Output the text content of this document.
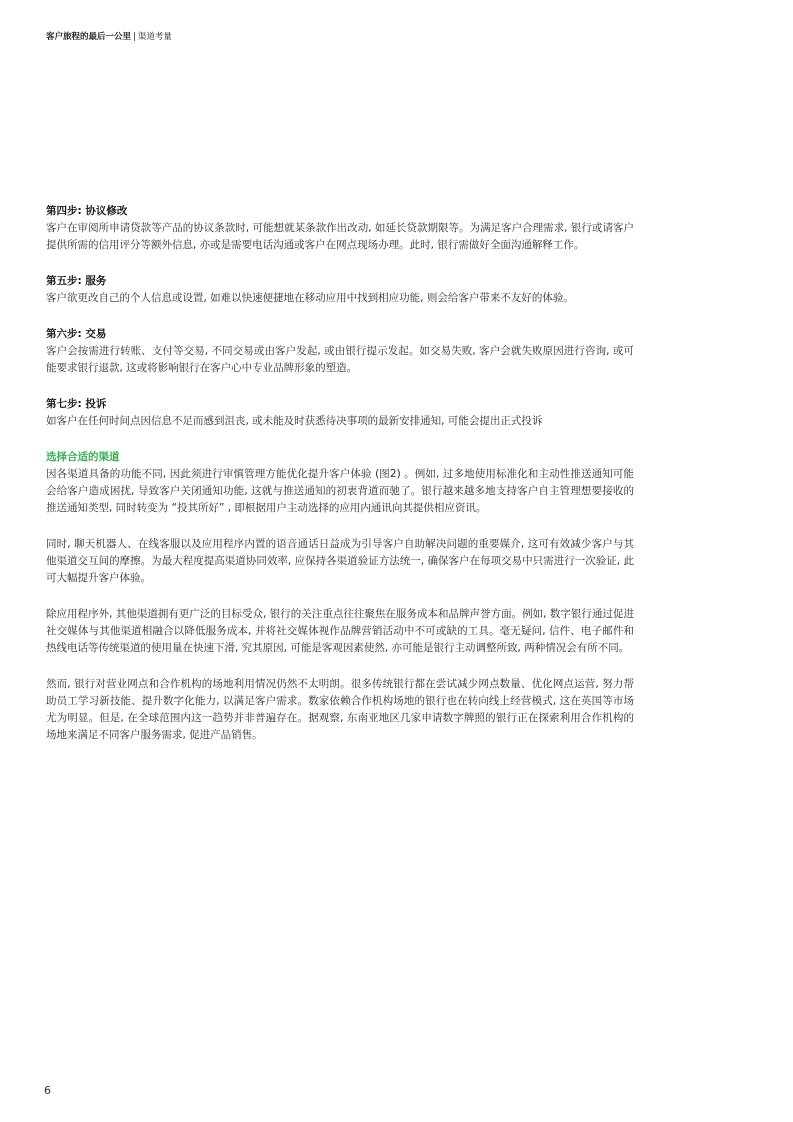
客户旅程的最后一公里 | 渠道考量
第四步: 协议修改

客户在审阅所申请贷款等产品的协议条款时, 可能想就某条款作出改动, 如延长贷款期限等。为满足客户合理需求, 银行或请客户提供所需的信用评分等额外信息, 亦或是需要电话沟通或客户在网点现场办理。此时, 银行需做好全面沟通解释工作。

第五步: 服务

客户欲更改自己的个人信息或设置, 如难以快速便捷地在移动应用中找到相应功能, 则会给客户带来不友好的体验。

第六步: 交易

客户会按需进行转账、支付等交易, 不同交易或由客户发起, 或由银行提示发起。如交易失败, 客户会就失败原因进行咨询, 或可能要求银行退款, 这或将影响银行在客户心中专业品牌形象的塑造。

第七步: 投诉

如客户在任何时间点因信息不足而感到沮丧, 或未能及时获悉待决事项的最新安排通知, 可能会提出正式投诉

选择合适的渠道

因各渠道具备的功能不同, 因此须进行审慎管理方能优化提升客户体验 (图2) 。例如, 过多地使用标准化和主动性推送通知可能会给客户造成困扰, 导致客户关闭通知功能, 这就与推送通知的初衷背道而驰了。银行越来越多地支持客户自主管理想要接收的推送通知类型, 同时转变为 “投其所好” , 即根据用户主动选择的应用内通讯向其提供相应资讯。

同时, 聊天机器人、在线客服以及应用程序内置的语音通话日益成为引导客户自助解决问题的重要媒介, 这可有效减少客户与其他渠道交互间的摩擦。为最大程度提高渠道协同效率, 应保持各渠道验证方法统一, 确保客户在每项交易中只需进行一次验证, 此可大幅提升客户体验。

除应用程序外, 其他渠道拥有更广泛的目标受众, 银行的关注重点往往聚焦在服务成本和品牌声誉方面。例如, 数字银行通过促进社交媒体与其他渠道相融合以降低服务成本, 并将社交媒体视作品牌营销活动中不可或缺的工具。毫无疑问, 信件、电子邮件和热线电话等传统渠道的使用量在快速下滑, 究其原因, 可能是客观因素使然, 亦可能是银行主动调整所致, 两种情况会有所不同。

然而, 银行对营业网点和合作机构的场地利用情况仍然不太明朗。很多传统银行都在尝试减少网点数量、优化网点运营, 努力帮助员工学习新技能、提升数字化能力, 以满足客户需求。数家依赖合作机构场地的银行也在转向线上经营模式, 这在英国等市场尤为明显。但是, 在全球范围内这一趋势并非普遍存在。据观察, 东南亚地区几家申请数字牌照的银行正在探索利用合作机构的场地来满足不同客户服务需求, 促进产品销售。

6
